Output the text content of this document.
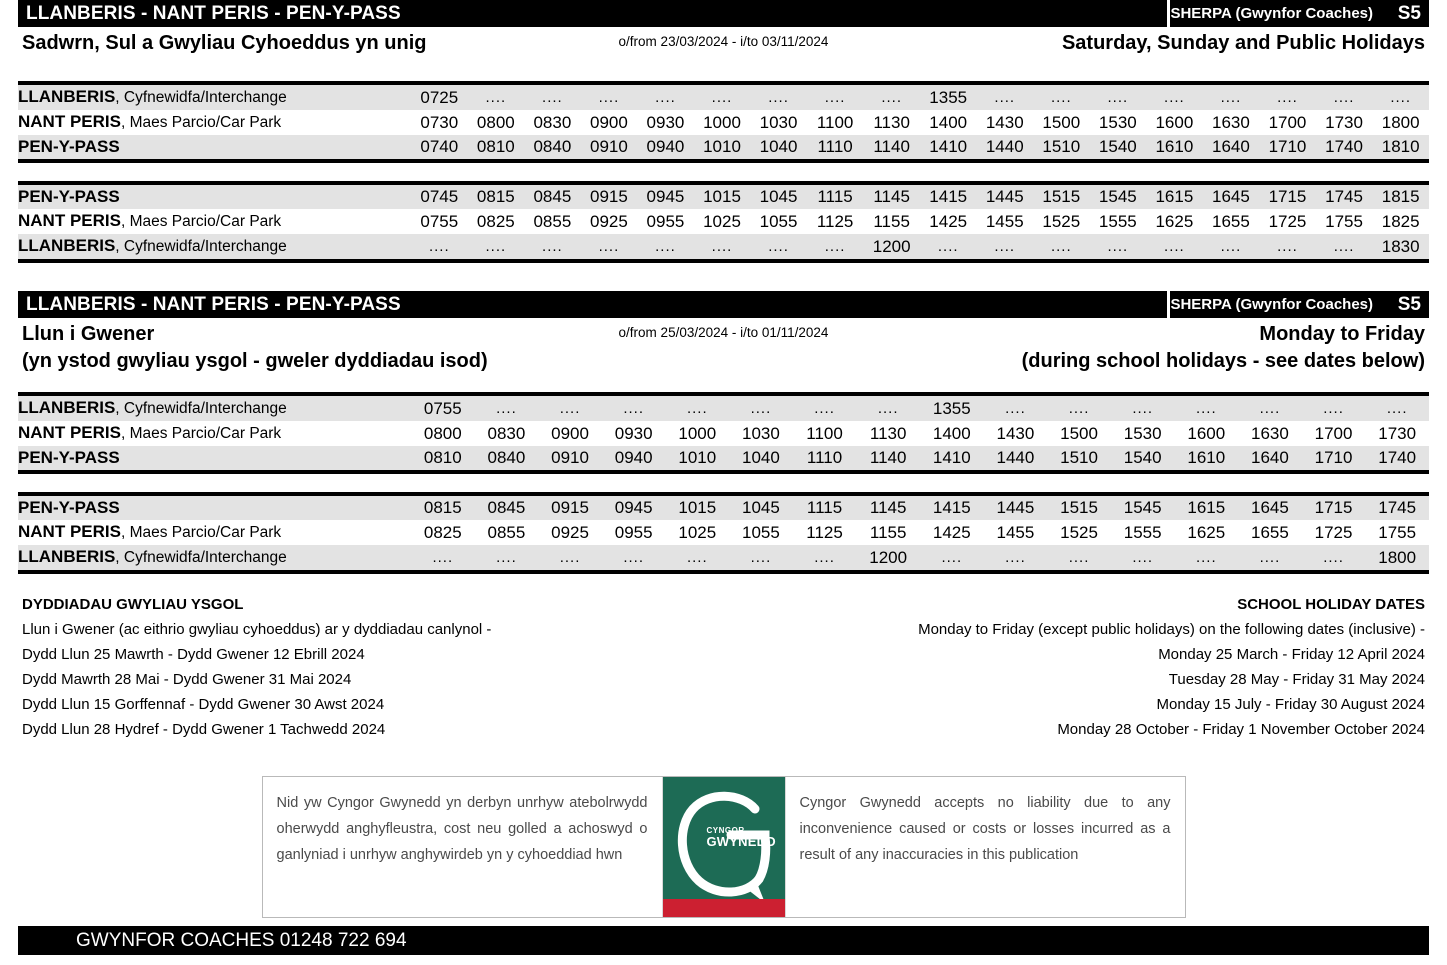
LLANBERIS - NANT PERIS - PEN-Y-PASS	SHERPA (Gwynfor Coaches) S5
Sadwrn, Sul a Gwyliau Cyhoeddus yn unig	o/from 23/03/2024 - i/to 03/11/2024	Saturday, Sunday and Public Holidays
LLANBERIS, Cyfnewidfa/Interchange	0725	....	....	....	....	....	....	....	....	1355	....	....	....	....	....	....	....	....
NANT PERIS, Maes Parcio/Car Park	0730	0800	0830	0900	0930	1000	1030	1100	1130	1400	1430	1500	1530	1600	1630	1700	1730	1800
PEN-Y-PASS	0740	0810	0840	0910	0940	1010	1040	1110	1140	1410	1440	1510	1540	1610	1640	1710	1740	1810
PEN-Y-PASS	0745	0815	0845	0915	0945	1015	1045	1115	1145	1415	1445	1515	1545	1615	1645	1715	1745	1815
NANT PERIS, Maes Parcio/Car Park	0755	0825	0855	0925	0955	1025	1055	1125	1155	1425	1455	1525	1555	1625	1655	1725	1755	1825
LLANBERIS, Cyfnewidfa/Interchange	....	....	....	....	....	....	....	....	1200	....	....	....	....	....	....	....	....	1830
LLANBERIS - NANT PERIS - PEN-Y-PASS	SHERPA (Gwynfor Coaches) S5
Llun i Gwener
(yn ystod gwyliau ysgol - gweler dyddiadau isod)
o/from 25/03/2024 - i/to 01/11/2024	Monday to Friday
(during school holidays - see dates below)
LLANBERIS, Cyfnewidfa/Interchange	0755	....	....	....	....	....	....	....	1355	....	....	....	....	....	....	....
NANT PERIS, Maes Parcio/Car Park	0800	0830	0900	0930	1000	1030	1100	1130	1400	1430	1500	1530	1600	1630	1700	1730
PEN-Y-PASS	0810	0840	0910	0940	1010	1040	1110	1140	1410	1440	1510	1540	1610	1640	1710	1740
PEN-Y-PASS	0815	0845	0915	0945	1015	1045	1115	1145	1415	1445	1515	1545	1615	1645	1715	1745
NANT PERIS, Maes Parcio/Car Park	0825	0855	0925	0955	1025	1055	1125	1155	1425	1455	1525	1555	1625	1655	1725	1755
LLANBERIS, Cyfnewidfa/Interchange	....	....	....	....	....	....	....	1200	....	....	....	....	....	....	....	1800
DYDDIADAU GWYLIAU YSGOL
Llun i Gwener (ac eithrio gwyliau cyhoeddus) ar y dyddiadau canlynol -
Dydd Llun 25 Mawrth - Dydd Gwener 12 Ebrill 2024
Dydd Mawrth 28 Mai - Dydd Gwener 31 Mai 2024
Dydd Llun 15 Gorffennaf - Dydd Gwener 30 Awst 2024
Dydd Llun 28 Hydref - Dydd Gwener 1 Tachwedd 2024
SCHOOL HOLIDAY DATES
Monday to Friday (except public holidays) on the following dates (inclusive) -
Monday 25 March - Friday 12 April 2024
Tuesday 28 May - Friday 31 May 2024
Monday 15 July - Friday 30 August 2024
Monday 28 October - Friday 1 November October 2024
Nid yw Cyngor Gwynedd yn derbyn unrhyw atebolrwydd oherwydd anghyfleustra, cost neu golled a achoswyd o ganlyniad i unrhyw anghywirdeb yn y cyhoeddiad hwn
CYNGOR
GWYNEDD
Cyngor Gwynedd accepts no liability due to any inconvenience caused or costs or losses incurred as a result of any inaccuracies in this publication
GWYNFOR COACHES 01248 722 694
